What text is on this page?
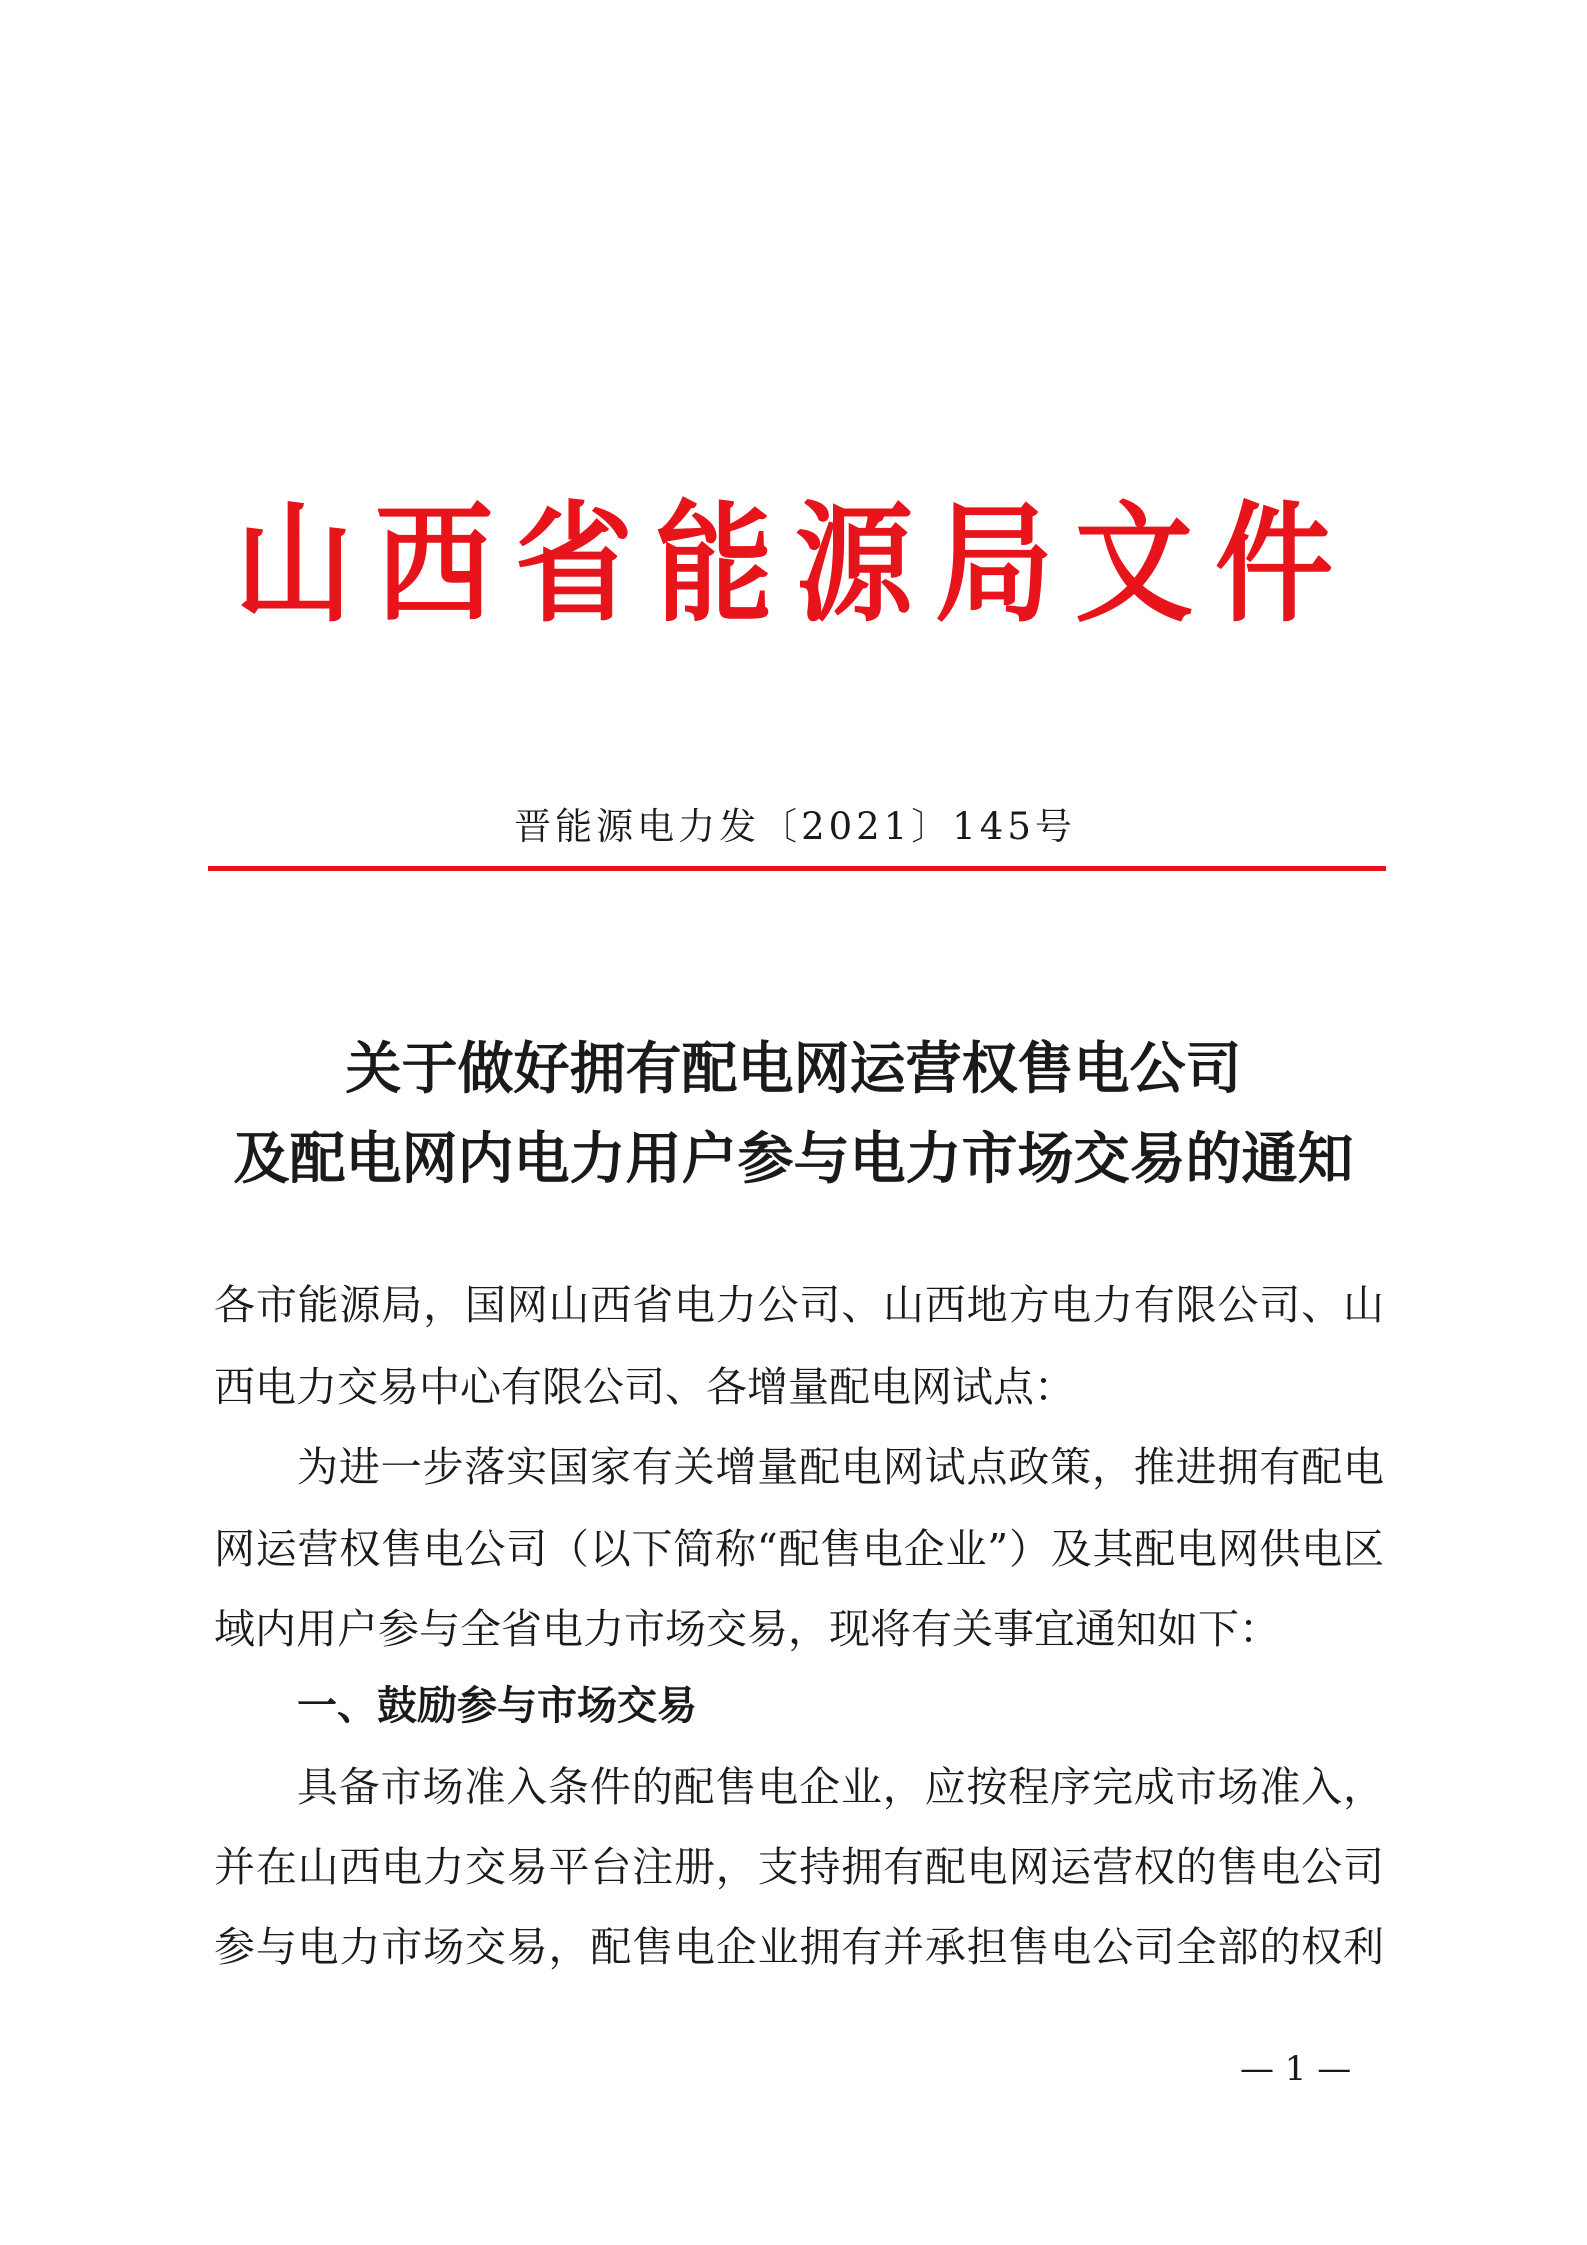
山西省能源局文件
晋能源电力发〔2021〕145号
关于做好拥有配电网运营权售电公司
及配电网内电力用户参与电力市场交易的通知
各市能源局，国网山西省电力公司、山西地方电力有限公司、山
西电力交易中心有限公司、各增量配电网试点：
为进一步落实国家有关增量配电网试点政策，推进拥有配电
网运营权售电公司（以下简称“配售电企业”）及其配电网供电区
域内用户参与全省电力市场交易，现将有关事宜通知如下：
一、鼓励参与市场交易
具备市场准入条件的配售电企业，应按程序完成市场准入，
并在山西电力交易平台注册，支持拥有配电网运营权的售电公司
参与电力市场交易，配售电企业拥有并承担售电公司全部的权利
— 1 —
